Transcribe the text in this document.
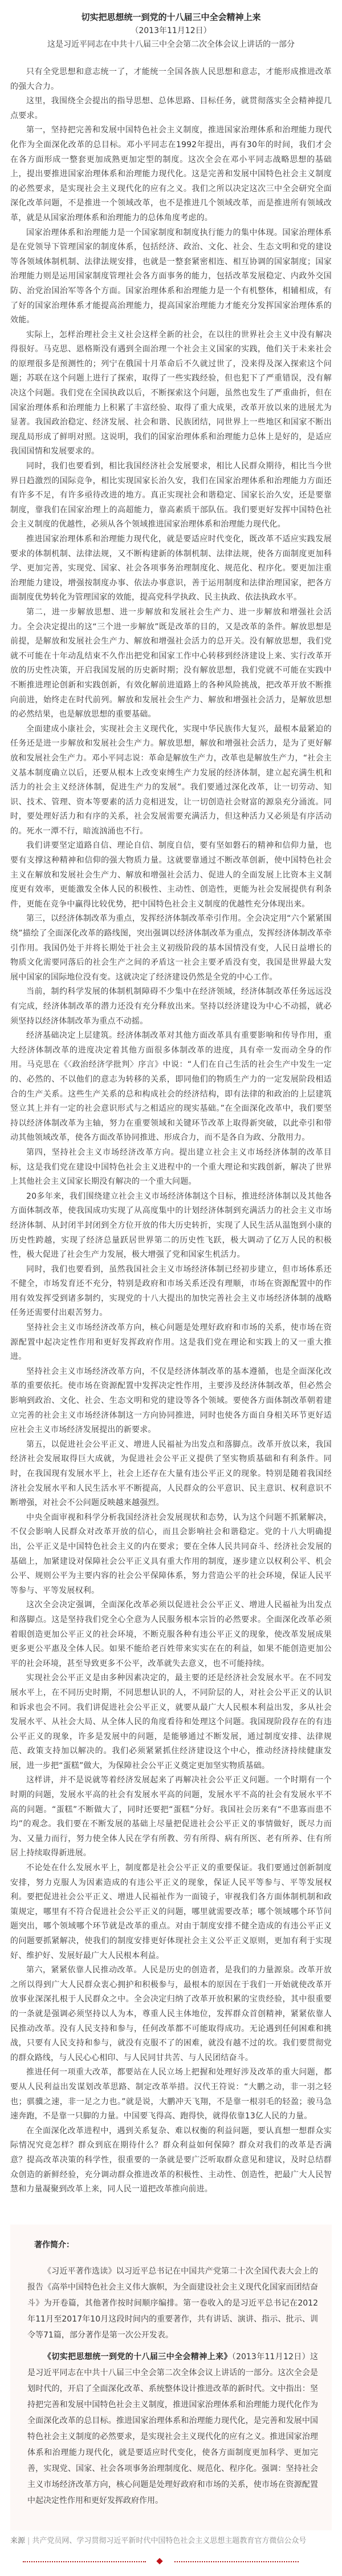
切实把思想统一到党的十八届三中全会精神上来

（2013年11月12日）

这是习近平同志在中共十八届三中全会第二次全体会议上讲话的一部分

只有全党思想和意志统一了，才能统一全国各族人民思想和意志，才能形成推进改革的强大合力。

这里，我围绕全会提出的指导思想、总体思路、目标任务，就贯彻落实全会精神提几点要求。

第一，坚持把完善和发展中国特色社会主义制度，推进国家治理体系和治理能力现代化作为全面深化改革的总目标。邓小平同志在1992年提出，再有30年的时间，我们才会在各方面形成一整套更加成熟更加定型的制度。这次全会在邓小平同志战略思想的基础上，提出要推进国家治理体系和治理能力现代化。这是完善和发展中国特色社会主义制度的必然要求，是实现社会主义现代化的应有之义。我们之所以决定这次三中全会研究全面深化改革问题，不是推进一个领域改革，也不是推进几个领域改革，而是推进所有领域改革，就是从国家治理体系和治理能力的总体角度考虑的。

国家治理体系和治理能力是一个国家制度和制度执行能力的集中体现。国家治理体系是在党领导下管理国家的制度体系，包括经济、政治、文化、社会、生态文明和党的建设等各领域体制机制、法律法规安排，也就是一整套紧密相连、相互协调的国家制度；国家治理能力则是运用国家制度管理社会各方面事务的能力，包括改革发展稳定、内政外交国防、治党治国治军等各个方面。国家治理体系和治理能力是一个有机整体，相辅相成，有了好的国家治理体系才能提高治理能力，提高国家治理能力才能充分发挥国家治理体系的效能。

实际上，怎样治理社会主义社会这样全新的社会，在以往的世界社会主义中没有解决得很好。马克思、恩格斯没有遇到全面治理一个社会主义国家的实践，他们关于未来社会的原理很多是预测性的；列宁在俄国十月革命后不久就过世了，没来得及深入探索这个问题；苏联在这个问题上进行了探索，取得了一些实践经验，但也犯下了严重错误，没有解决这个问题。我们党在全国执政以后，不断探索这个问题，虽然也发生了严重曲折，但在国家治理体系和治理能力上积累了丰富经验、取得了重大成果，改革开放以来的进展尤为显著。我国政治稳定、经济发展、社会和谐、民族团结，同世界上一些地区和国家不断出现乱局形成了鲜明对照。这说明，我们的国家治理体系和治理能力总体上是好的，是适应我国国情和发展要求的。

同时，我们也要看到，相比我国经济社会发展要求，相比人民群众期待，相比当今世界日趋激烈的国际竞争，相比实现国家长治久安，我们在国家治理体系和治理能力方面还有许多不足，有许多亟待改进的地方。真正实现社会和谐稳定、国家长治久安，还是要靠制度，靠我们在国家治理上的高超能力，靠高素质干部队伍。我们要更好发挥中国特色社会主义制度的优越性，必须从各个领域推进国家治理体系和治理能力现代化。

推进国家治理体系和治理能力现代化，就是要适应时代变化，既改革不适应实践发展要求的体制机制、法律法规，又不断构建新的体制机制、法律法规，使各方面制度更加科学、更加完善，实现党、国家、社会各项事务治理制度化、规范化、程序化。要更加注重治理能力建设，增强按制度办事、依法办事意识，善于运用制度和法律治理国家，把各方面制度优势转化为管理国家的效能，提高党科学执政、民主执政、依法执政水平。

第二，进一步解放思想、进一步解放和发展社会生产力、进一步解放和增强社会活力。全会决定提出的这“三个进一步解放”既是改革的目的，又是改革的条件。解放思想是前提，是解放和发展社会生产力、解放和增强社会活力的总开关。没有解放思想，我们党就不可能在十年动乱结束不久作出把党和国家工作中心转移到经济建设上来、实行改革开放的历史性决策，开启我国发展的历史新时期；没有解放思想，我们党就不可能在实践中不断推进理论创新和实践创新，有效化解前进道路上的各种风险挑战，把改革开放不断推向前进，始终走在时代前列。解放和发展社会生产力、解放和增强社会活力，是解放思想的必然结果，也是解放思想的重要基础。

全面建成小康社会，实现社会主义现代化，实现中华民族伟大复兴，最根本最紧迫的任务还是进一步解放和发展社会生产力。解放思想，解放和增强社会活力，是为了更好解放和发展社会生产力。邓小平同志说：革命是解放生产力，改革也是解放生产力，“社会主义基本制度确立以后，还要从根本上改变束缚生产力发展的经济体制，建立起充满生机和活力的社会主义经济体制，促进生产力的发展”。我们要通过深化改革，让一切劳动、知识、技术、管理、资本等要素的活力竞相迸发，让一切创造社会财富的源泉充分涌流。同时，要处理好活力和有序的关系，社会发展需要充满活力，但这种活力又必须是有序活动的。死水一潭不行，暗流汹涌也不行。

我们讲要坚定道路自信、理论自信、制度自信，要有坚如磐石的精神和信仰力量，也要有支撑这种精神和信仰的强大物质力量。这就要靠通过不断改革创新，使中国特色社会主义在解放和发展社会生产力、解放和增强社会活力、促进人的全面发展上比资本主义制度更有效率，更能激发全体人民的积极性、主动性、创造性，更能为社会发展提供有利条件，更能在竞争中赢得比较优势，把中国特色社会主义制度的优越性充分体现出来。

第三，以经济体制改革为重点，发挥经济体制改革牵引作用。全会决定用“六个紧紧围绕”描绘了全面深化改革的路线图，突出强调以经济体制改革为重点，发挥经济体制改革牵引作用。我国仍处于并将长期处于社会主义初级阶段的基本国情没有变，人民日益增长的物质文化需要同落后的社会生产之间的矛盾这一社会主要矛盾没有变，我国是世界最大发展中国家的国际地位没有变。这就决定了经济建设仍然是全党的中心工作。

当前，制约科学发展的体制机制障碍不少集中在经济领域，经济体制改革任务远远没有完成，经济体制改革的潜力还没有充分释放出来。坚持以经济建设为中心不动摇，就必须坚持以经济体制改革为重点不动摇。

经济基础决定上层建筑。经济体制改革对其他方面改革具有重要影响和传导作用，重大经济体制改革的进度决定着其他方面很多体制改革的进度，具有牵一发而动全身的作用。马克思在《〈政治经济学批判〉序言》中说：“人们在自己生活的社会生产中发生一定的、必然的、不以他们的意志为转移的关系，即同他们的物质生产力的一定发展阶段相适合的生产关系。这些生产关系的总和构成社会的经济结构，即有法律的和政治的上层建筑竖立其上并有一定的社会意识形式与之相适应的现实基础。”在全面深化改革中，我们要坚持以经济体制改革为主轴，努力在重要领域和关键环节改革上取得新突破，以此牵引和带动其他领域改革，使各方面改革协同推进、形成合力，而不是各自为政、分散用力。

第四，坚持社会主义市场经济改革方向。提出建立社会主义市场经济体制的改革目标，这是我们党在建设中国特色社会主义进程中的一个重大理论和实践创新，解决了世界上其他社会主义国家长期没有解决的一个重大问题。

20多年来，我们围绕建立社会主义市场经济体制这个目标，推进经济体制以及其他各方面体制改革，使我国成功实现了从高度集中的计划经济体制到充满活力的社会主义市场经济体制、从封闭半封闭到全方位开放的伟大历史转折，实现了人民生活从温饱到小康的历史性跨越，实现了经济总量跃居世界第二的历史性飞跃，极大调动了亿万人民的积极性，极大促进了社会生产力发展，极大增强了党和国家生机活力。

同时，我们也要看到，虽然我国社会主义市场经济体制已经初步建立，但市场体系还不健全，市场发育还不充分，特别是政府和市场关系还没有理顺，市场在资源配置中的作用有效发挥受到诸多制约，实现党的十八大提出的加快完善社会主义市场经济体制的战略任务还需要付出艰苦努力。

坚持社会主义市场经济改革方向，核心问题是处理好政府和市场的关系，使市场在资源配置中起决定性作用和更好发挥政府作用。这是我们党在理论和实践上的又一重大推进。

坚持社会主义市场经济改革方向，不仅是经济体制改革的基本遵循，也是全面深化改革的重要依托。使市场在资源配置中发挥决定性作用，主要涉及经济体制改革，但必然会影响到政治、文化、社会、生态文明和党的建设等各个领域。要使各方面体制改革朝着建立完善的社会主义市场经济体制这一方向协同推进，同时也使各方面自身相关环节更好适应社会主义市场经济发展提出的新要求。

第五，以促进社会公平正义、增进人民福祉为出发点和落脚点。改革开放以来，我国经济社会发展取得巨大成就，为促进社会公平正义提供了坚实物质基础和有利条件。同时，在我国现有发展水平上，社会上还存在大量有违公平正义的现象。特别是随着我国经济社会发展水平和人民生活水平不断提高，人民群众的公平意识、民主意识、权利意识不断增强，对社会不公问题反映越来越强烈。

中央全面审视和科学分析我国经济社会发展现状和态势，认为这个问题不抓紧解决，不仅会影响人民群众对改革开放的信心，而且会影响社会和谐稳定。党的十八大明确提出，公平正义是中国特色社会主义的内在要求；要在全体人民共同奋斗、经济社会发展的基础上，加紧建设对保障社会公平正义具有重大作用的制度，逐步建立以权利公平、机会公平、规则公平为主要内容的社会公平保障体系，努力营造公平的社会环境，保证人民平等参与、平等发展权利。

这次全会决定强调，全面深化改革必须以促进社会公平正义、增进人民福祉为出发点和落脚点。这是坚持我们党全心全意为人民服务根本宗旨的必然要求。全面深化改革必须着眼创造更加公平正义的社会环境，不断克服各种有违公平正义的现象，使改革发展成果更多更公平惠及全体人民。如果不能给老百姓带来实实在在的利益，如果不能创造更加公平的社会环境，甚至导致更多不公平，改革就失去意义，也不可能持续。

实现社会公平正义是由多种因素决定的，最主要的还是经济社会发展水平。在不同发展水平上，在不同历史时期，不同思想认识的人，不同阶层的人，对社会公平正义的认识和诉求也会不同。我们讲促进社会公平正义，就要从最广大人民根本利益出发，多从社会发展水平、从社会大局、从全体人民的角度看待和处理这个问题。我国现阶段存在的有违公平正义的现象，许多是发展中的问题，是能够通过不断发展，通过制度安排、法律规范、政策支持加以解决的。我们必须紧紧抓住经济建设这个中心，推动经济持续健康发展，进一步把“蛋糕”做大，为保障社会公平正义奠定更加坚实物质基础。

这样讲，并不是说就等着经济发展起来了再解决社会公平正义问题。一个时期有一个时期的问题，发展水平高的社会有发展水平高的问题，发展水平不高的社会有发展水平不高的问题。“蛋糕”不断做大了，同时还要把“蛋糕”分好。我国社会历来有“不患寡而患不均”的观念。我们要在不断发展的基础上尽量把促进社会公平正义的事情做好，既尽力而为、又量力而行，努力使全体人民在学有所教、劳有所得、病有所医、老有所养、住有所居上持续取得新进展。

不论处在什么发展水平上，制度都是社会公平正义的重要保证。我们要通过创新制度安排，努力克服人为因素造成的有违公平正义的现象，保证人民平等参与、平等发展权利。要把促进社会公平正义、增进人民福祉作为一面镜子，审视我们各方面体制机制和政策规定，哪里有不符合促进社会公平正义的问题，哪里就需要改革；哪个领域哪个环节问题突出，哪个领域哪个环节就是改革的重点。对由于制度安排不健全造成的有违公平正义的问题要抓紧解决，使我们的制度安排更好体现社会主义公平正义原则，更加有利于实现好、维护好、发展好最广大人民根本利益。

第六，紧紧依靠人民推动改革。人民是历史的创造者，是我们的力量源泉。改革开放之所以得到广大人民群众衷心拥护和积极参与，最根本的原因在于我们一开始就使改革开放事业深深扎根于人民群众之中。全会决定归纳了改革开放积累的宝贵经验，其中很重要的一条就是强调必须坚持以人为本，尊重人民主体地位，发挥群众首创精神，紧紧依靠人民推动改革。没有人民支持和参与，任何改革都不可能取得成功。无论遇到任何困难和挑战，只要有人民支持和参与，就没有克服不了的困难，就没有越不过的坎。我们要贯彻党的群众路线，与人民心心相印、与人民同甘共苦、与人民团结奋斗。

推进任何一项重大改革，都要站在人民立场上把握和处理好涉及改革的重大问题，都要从人民利益出发谋划改革思路、制定改革举措。汉代王符说：“大鹏之动，非一羽之轻也；骐骥之速，非一足之力也。”就是说，大鹏冲天飞翔，不是靠一根羽毛的轻盈；骏马急速奔跑，不是靠一只脚的力量。中国要飞得高、跑得快，就得依靠13亿人民的力量。

在全面深化改革进程中，遇到关系复杂、难以权衡的利益问题，要认真想一想群众实际情况究竟怎样？群众到底在期待什么？群众利益如何保障？群众对我们的改革是否满意？提高改革决策的科学性，很重要的一条就是要广泛听取群众意见和建议，及时总结群众创造的新鲜经验，充分调动群众推进改革的积极性、主动性、创造性，把最广大人民智慧和力量凝聚到改革上来，同人民一道把改革推向前进。

著作简介：

《习近平著作选读》以习近平总书记在中国共产党第二十次全国代表大会上的报告《高举中国特色社会主义伟大旗帜，为全面建设社会主义现代化国家而团结奋斗》为开卷篇，其他著作按时间顺序编排。第一卷收入的是习近平总书记在2012年11月至2017年10月这段时间内的重要著作，共有讲话、演讲、指示、批示、训令等71篇，部分著作是第一次公开发表。

《切实把思想统一到党的十八届三中全会精神上来》（2013年11月12日）这是习近平同志在中共十八届三中全会第二次全体会议上讲话的一部分。这次全会是划时代的，开启了全面深化改革、系统整体设计推进改革的新时代。文中指出：坚持把完善和发展中国特色社会主义制度，推进国家治理体系和治理能力现代化作为全面深化改革的总目标。推进国家治理体系和治理能力现代化，是完善和发展中国特色社会主义制度的必然要求，是实现社会主义现代化的应有之义。推进国家治理体系和治理能力现代化，就是要适应时代变化，使各方面制度更加科学、更加完善，实现党、国家、社会各项事务治理制度化、规范化、程序化。强调：坚持社会主义市场经济改革方向，核心问题是处理好政府和市场的关系，使市场在资源配置中起决定性作用和更好发挥政府作用。

来源 | 共产党员网、学习贯彻习近平新时代中国特色社会主义思想主题教育官方微信公众号
